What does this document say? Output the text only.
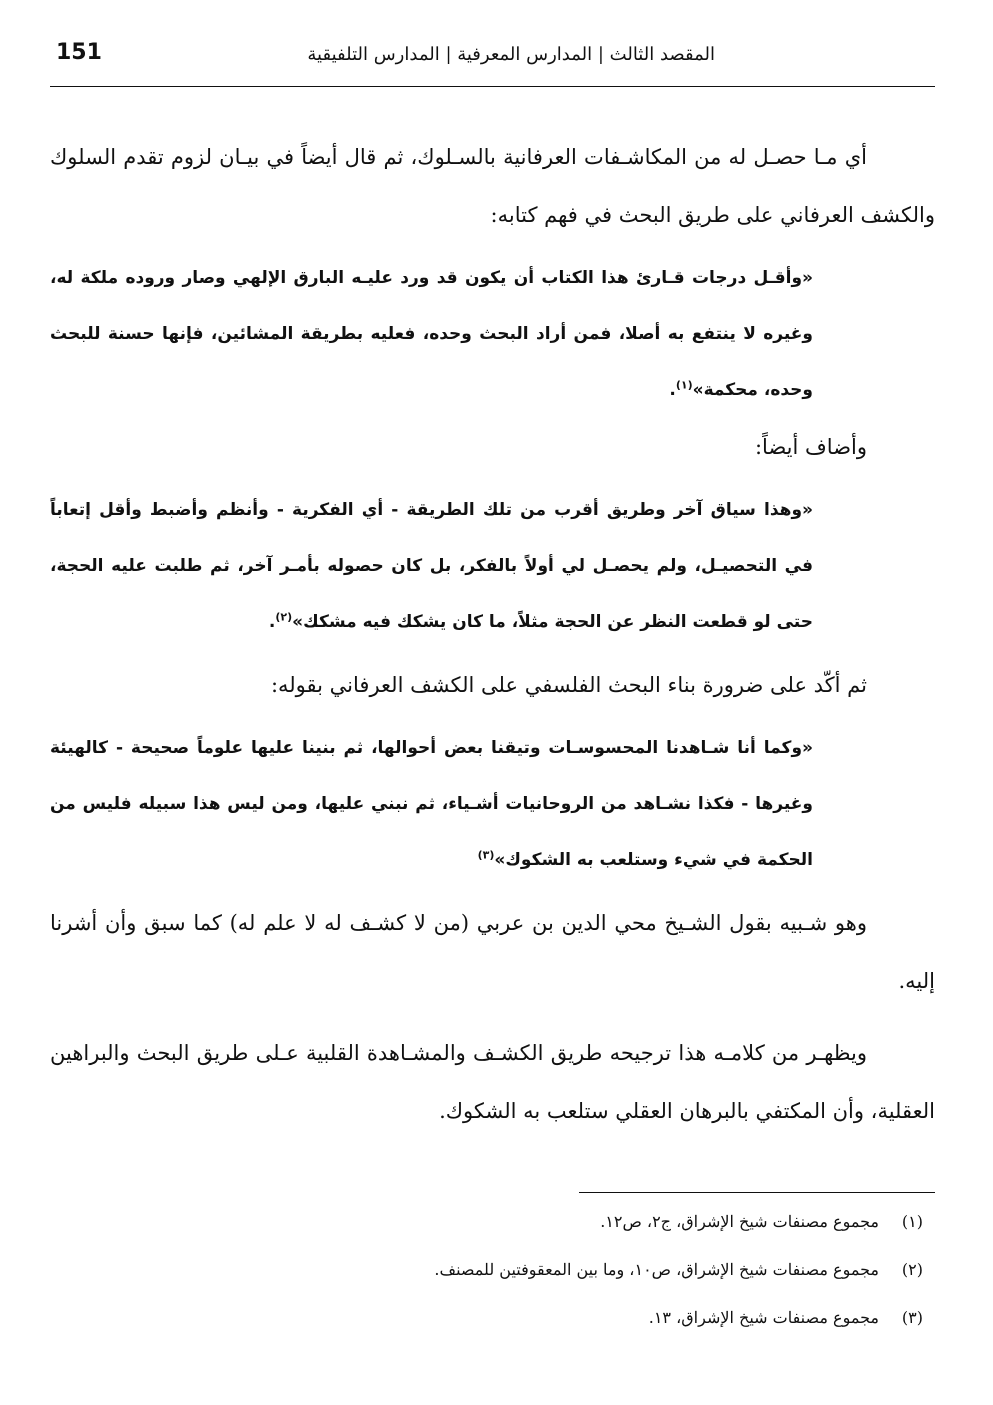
151	المقصد الثالث | المدارس المعرفية | المدارس التلفيقية

أي مـا حصـل له من المكاشـفات العرفانية بالسـلوك، ثم قال أيضاً في بيـان لزوم تقدم السلوك والكشف العرفاني على طريق البحث في فهم كتابه:

«وأقـل درجات قـارئ هذا الكتاب أن يكون قد ورد عليـه البارق الإلهي وصار وروده ملكة له، وغيره لا ينتفع به أصلا، فمن أراد البحث وحده، فعليه بطريقة المشائين، فإنها حسنة للبحث وحده، محكمة»$^{(١)}$.

وأضاف أيضاً:

«وهذا سياق آخر وطريق أقرب من تلك الطريقة - أي الفكرية - وأنظم وأضبط وأقل إتعاباً في التحصيـل، ولم يحصـل لي أولاً بالفكر، بل كان حصوله بأمـر آخر، ثم طلبت عليه الحجة، حتى لو قطعت النظر عن الحجة مثلاً، ما كان يشكك فيه مشكك»$^{(٢)}$.

ثم أكّد على ضرورة بناء البحث الفلسفي على الكشف العرفاني بقوله:

«وكما أنا شـاهدنا المحسوسـات وتيقنا بعض أحوالها، ثم بنينا عليها علوماً صحيحة - كالهيئة وغيرها - فكذا نشـاهد من الروحانيات أشـياء، ثم نبني عليها، ومن ليس هذا سبيله فليس من الحكمة في شيء وستلعب به الشكوك»$^{(٣)}$

وهو شـبيه بقول الشـيخ محي الدين بن عربي (من لا كشـف له لا علم له) كما سبق وأن أشرنا إليه.

ويظهـر من كلامـه هذا ترجيحه طريق الكشـف والمشـاهدة القلبية عـلى طريق البحث والبراهين العقلية، وأن المكتفي بالبرهان العقلي ستلعب به الشكوك.

(١)مجموع مصنفات شيخ الإشراق، ج٢، ص١٢.
(٢)مجموع مصنفات شيخ الإشراق، ص١٠، وما بين المعقوفتين للمصنف.
(٣)مجموع مصنفات شيخ الإشراق، ١٣.
